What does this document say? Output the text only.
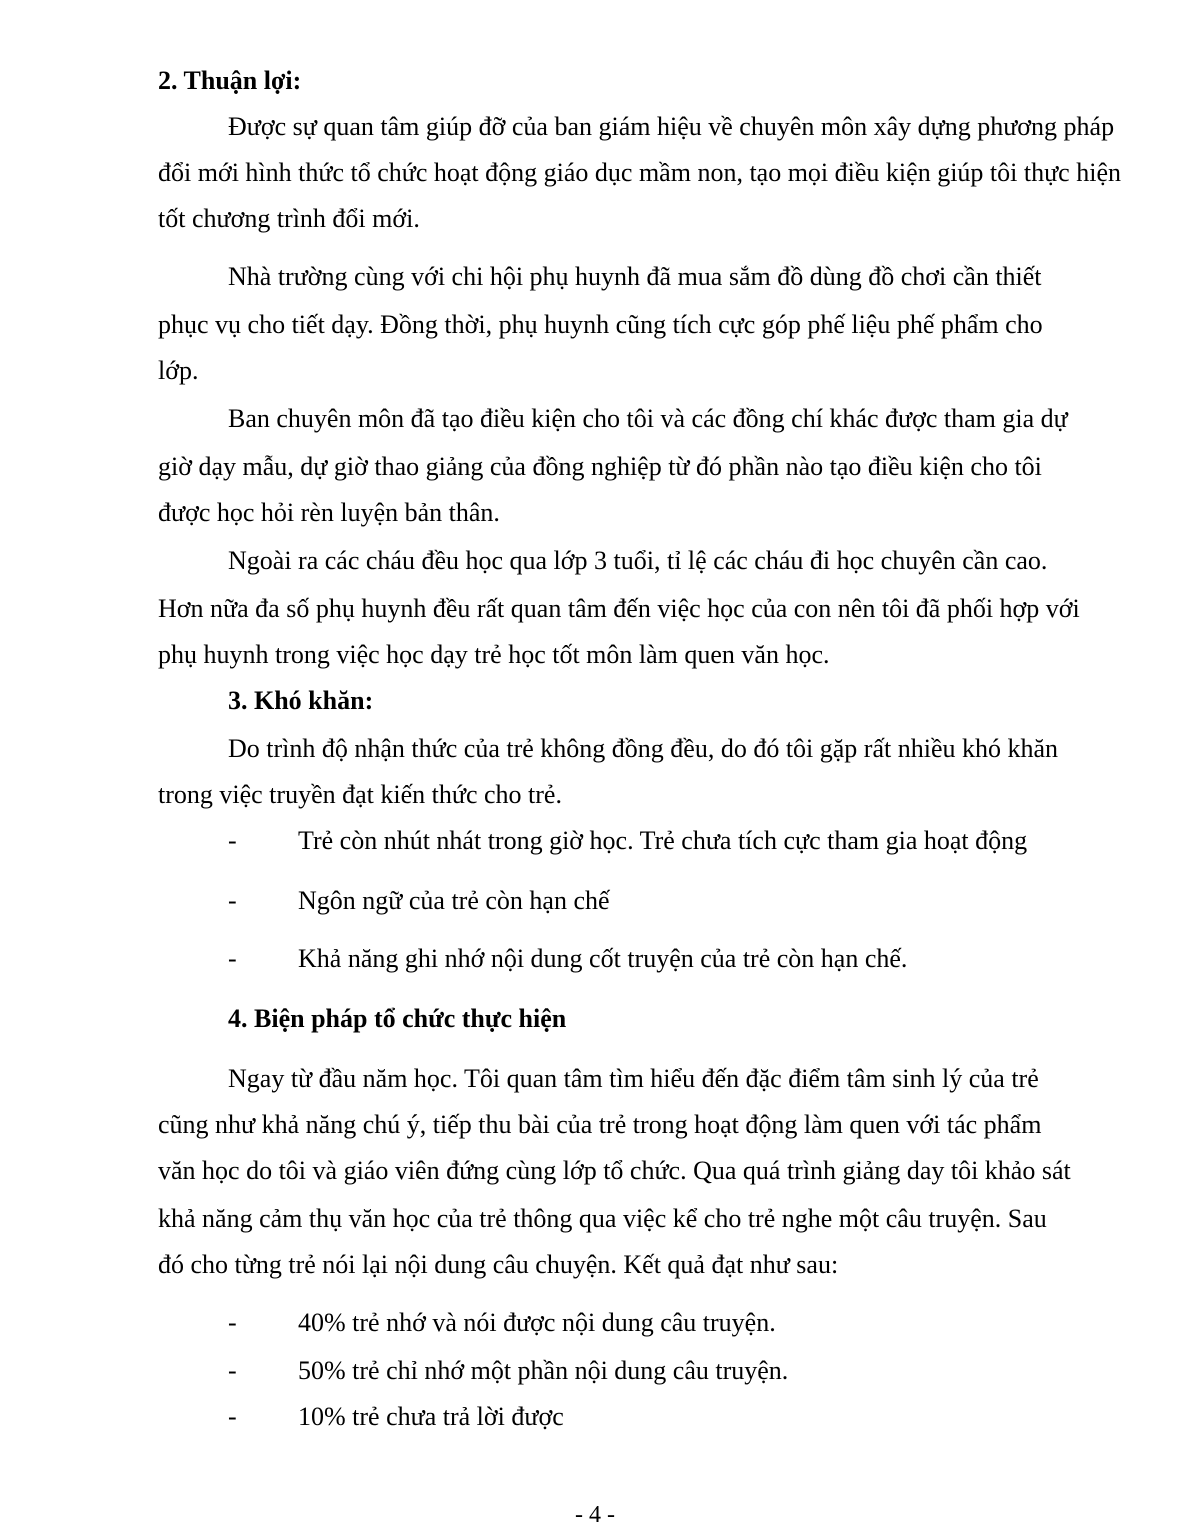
2. Thuận lợi:
Được sự quan tâm giúp đỡ của ban giám hiệu về chuyên môn xây dựng phương pháp
đổi mới hình thức tổ chức hoạt động giáo dục mầm non, tạo mọi điều kiện giúp tôi thực hiện
tốt chương trình đổi mới.
Nhà trường cùng với chi hội phụ huynh đã mua sắm đồ dùng đồ chơi cần thiết
phục vụ cho tiết dạy. Đồng thời, phụ huynh cũng tích cực góp phế liệu phế phẩm cho
lớp.
Ban chuyên môn đã tạo điều kiện cho tôi và các đồng chí khác được tham gia dự
giờ dạy mẫu, dự giờ thao giảng của đồng nghiệp từ đó phần nào tạo điều kiện cho tôi
được học hỏi rèn luyện bản thân.
Ngoài ra các cháu đều học qua lớp 3 tuổi, tỉ lệ các cháu đi học chuyên cần cao.
Hơn nữa đa số phụ huynh đều rất quan tâm đến việc học của con nên tôi đã phối hợp với
phụ huynh trong việc học dạy trẻ học tốt môn làm quen văn học.
3. Khó khăn:
Do trình độ nhận thức của trẻ không đồng đều, do đó tôi gặp rất nhiều khó khăn
trong việc truyền đạt kiến thức cho trẻ.
- Trẻ còn nhút nhát trong giờ học. Trẻ chưa tích cực tham gia hoạt động
- Ngôn ngữ của trẻ còn hạn chế
- Khả năng ghi nhớ nội dung cốt truyện của trẻ còn hạn chế.
4. Biện pháp tổ chức thực hiện
Ngay từ đầu năm học. Tôi quan tâm tìm hiểu đến đặc điểm tâm sinh lý của trẻ
cũng như khả năng chú ý, tiếp thu bài của trẻ trong hoạt động làm quen với tác phẩm
văn học do tôi và giáo viên đứng cùng lớp tổ chức. Qua quá trình giảng day tôi khảo sát
khả năng cảm thụ văn học của trẻ thông qua việc kể cho trẻ nghe một câu truyện. Sau
đó cho từng trẻ nói lại nội dung câu chuyện. Kết quả đạt như sau:
- 40% trẻ nhớ và nói được nội dung câu truyện.
- 50% trẻ chỉ nhớ một phần nội dung câu truyện.
- 10% trẻ chưa trả lời được
- 4 -
